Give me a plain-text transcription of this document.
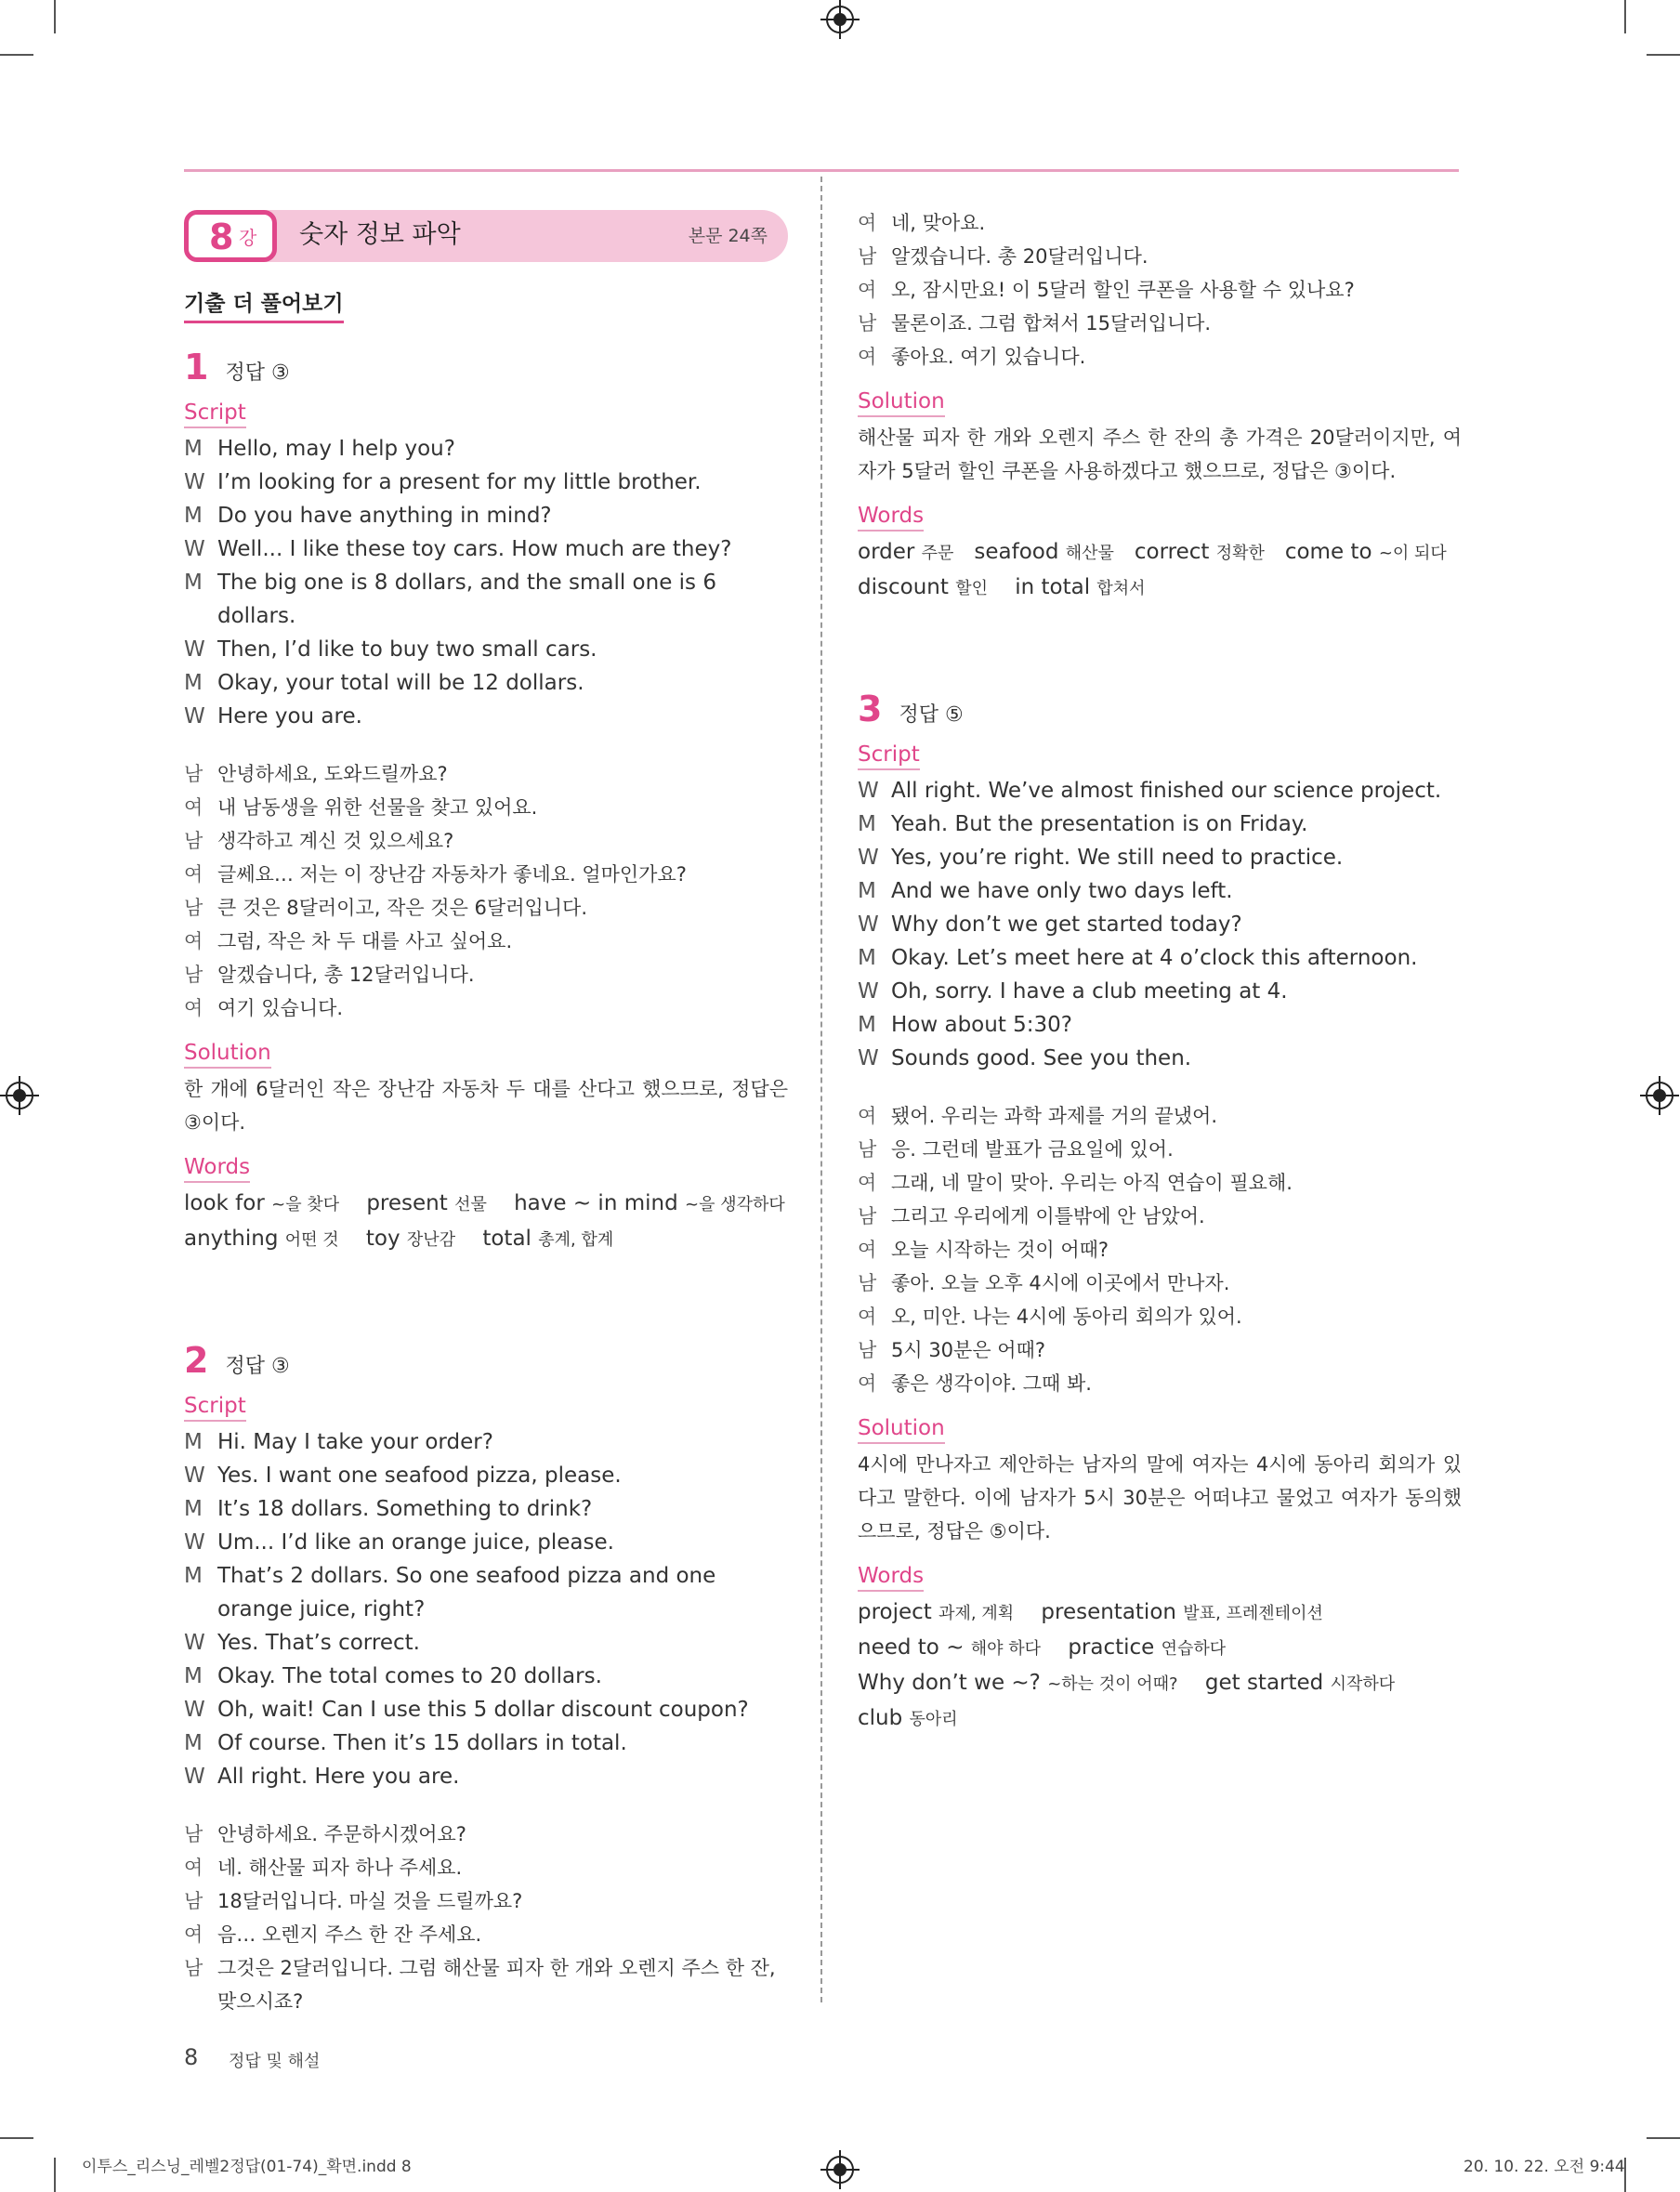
8 강 숫자 정보 파악	본문 24쪽
기출 더 풀어보기
1 정답 ③
Script
M Hello, may I help you?
W I’m looking for a present for my little brother.
M Do you have anything in mind?
W Well... I like these toy cars. How much are they?
M The big one is 8 dollars, and the small one is 6 dollars.
W Then, I’d like to buy two small cars.
M Okay, your total will be 12 dollars.
W Here you are.
남 안녕하세요, 도와드릴까요?
여 내 남동생을 위한 선물을 찾고 있어요.
남 생각하고 계신 것 있으세요?
여 글쎄요… 저는 이 장난감 자동차가 좋네요. 얼마인가요?
남 큰 것은 8달러이고, 작은 것은 6달러입니다.
여 그럼, 작은 차 두 대를 사고 싶어요.
남 알겠습니다, 총 12달러입니다.
여 여기 있습니다.
Solution
한 개에 6달러인 작은 장난감 자동차 두 대를 산다고 했으므로, 정답은 ③이다.
Words
look for ~을 찾다 present 선물 have ~ in mind ~을 생각하다
anything 어떤 것 toy 장난감 total 총계, 합계
2 정답 ③
Script
M Hi. May I take your order?
W Yes. I want one seafood pizza, please.
M It’s 18 dollars. Something to drink?
W Um... I’d like an orange juice, please.
M That’s 2 dollars. So one seafood pizza and one orange juice, right?
W Yes. That’s correct.
M Okay. The total comes to 20 dollars.
W Oh, wait! Can I use this 5 dollar discount coupon?
M Of course. Then it’s 15 dollars in total.
W All right. Here you are.
남 안녕하세요. 주문하시겠어요?
여 네. 해산물 피자 하나 주세요.
남 18달러입니다. 마실 것을 드릴까요?
여 음… 오렌지 주스 한 잔 주세요.
남 그것은 2달러입니다. 그럼 해산물 피자 한 개와 오렌지 주스 한 잔, 맞으시죠?
여 네, 맞아요.
남 알겠습니다. 총 20달러입니다.
여 오, 잠시만요! 이 5달러 할인 쿠폰을 사용할 수 있나요?
남 물론이죠. 그럼 합쳐서 15달러입니다.
여 좋아요. 여기 있습니다.
Solution
해산물 피자 한 개와 오렌지 주스 한 잔의 총 가격은 20달러이지만, 여자가 5달러 할인 쿠폰을 사용하겠다고 했으므로, 정답은 ③이다.
Words
order 주문 seafood 해산물 correct 정확한 come to ~이 되다
discount 할인 in total 합쳐서
3 정답 ⑤
Script
W All right. We’ve almost finished our science project.
M Yeah. But the presentation is on Friday.
W Yes, you’re right. We still need to practice.
M And we have only two days left.
W Why don’t we get started today?
M Okay. Let’s meet here at 4 o’clock this afternoon.
W Oh, sorry. I have a club meeting at 4.
M How about 5:30?
W Sounds good. See you then.
여 됐어. 우리는 과학 과제를 거의 끝냈어.
남 응. 그런데 발표가 금요일에 있어.
여 그래, 네 말이 맞아. 우리는 아직 연습이 필요해.
남 그리고 우리에게 이틀밖에 안 남았어.
여 오늘 시작하는 것이 어때?
남 좋아. 오늘 오후 4시에 이곳에서 만나자.
여 오, 미안. 나는 4시에 동아리 회의가 있어.
남 5시 30분은 어때?
여 좋은 생각이야. 그때 봐.
Solution
4시에 만나자고 제안하는 남자의 말에 여자는 4시에 동아리 회의가 있다고 말한다. 이에 남자가 5시 30분은 어떠냐고 물었고 여자가 동의했으므로, 정답은 ⑤이다.
Words
project 과제, 계획 presentation 발표, 프레젠테이션
need to ~ 해야 하다 practice 연습하다
Why don’t we ~? ~하는 것이 어때? get started 시작하다
club 동아리
8 정답 및 해설
이투스_리스닝_레벨2정답(01-74)_확면.indd 8	20. 10. 22. 오전 9:44
